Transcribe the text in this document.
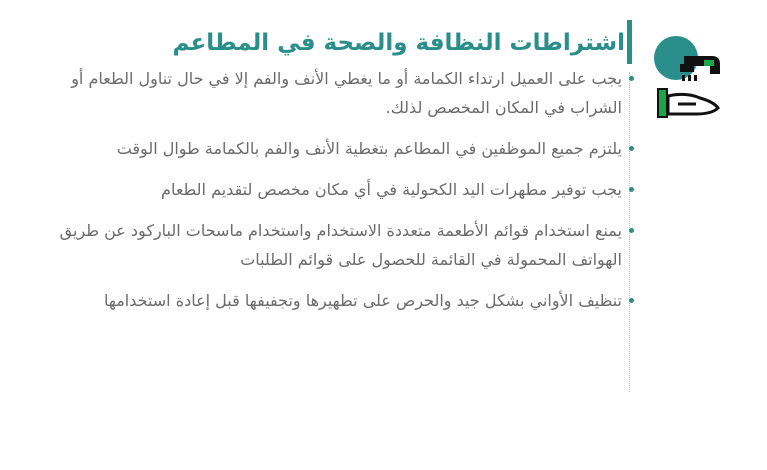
اشتراطات النظافة والصحة في المطاعم
يجب على العميل ارتداء الكمامة أو ما يغطي الأنف والفم إلا في حال تناول الطعام أو الشراب في المكان المخصص لذلك.
يلتزم جميع الموظفين في المطاعم بتغطية الأنف والفم بالكمامة طوال الوقت
يجب توفير مطهرات اليد الكحولية في أي مكان مخصص لتقديم الطعام
يمنع استخدام قوائم الأطعمة متعددة الاستخدام واستخدام ماسحات الباركود عن طريق الهواتف المحمولة في القائمة للحصول على قوائم الطلبات
تنظيف الأواني بشكل جيد والحرص على تطهيرها وتجفيفها قبل إعادة استخدامها
